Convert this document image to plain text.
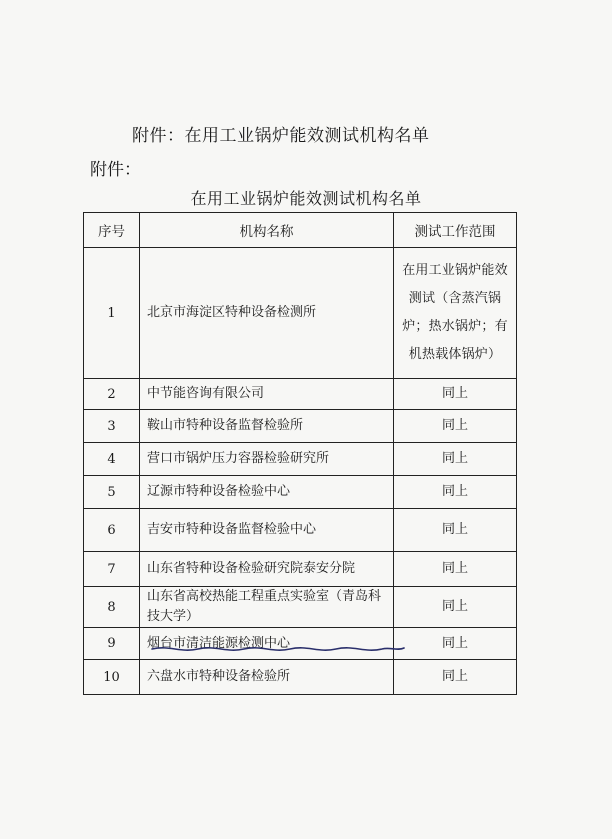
附件：在用工业锅炉能效测试机构名单
附件：
在用工业锅炉能效测试机构名单
序号	机构名称	测试工作范围
1	北京市海淀区特种设备检测所	在用工业锅炉能效测试（含蒸汽锅炉；热水锅炉；有机热载体锅炉）
2	中节能咨询有限公司	同上
3	鞍山市特种设备监督检验所	同上
4	营口市锅炉压力容器检验研究所	同上
5	辽源市特种设备检验中心	同上
6	吉安市特种设备监督检验中心	同上
7	山东省特种设备检验研究院泰安分院	同上
8	山东省高校热能工程重点实验室（青岛科技大学）	同上
9	烟台市清洁能源检测中心	同上
10	六盘水市特种设备检验所	同上
